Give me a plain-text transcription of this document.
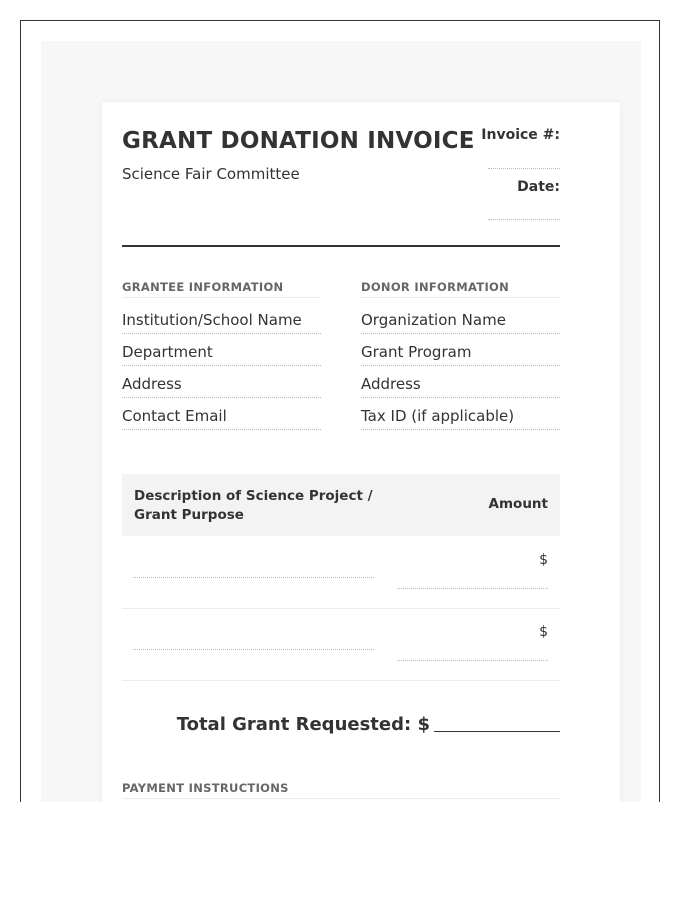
GRANT DONATION INVOICE
Science Fair Committee
Invoice #:
Date:
GRANTEE INFORMATION
Institution/School Name
Department
Address
Contact Email
DONOR INFORMATION
Organization Name
Grant Program
Address
Tax ID (if applicable)
Description of Science Project / Grant Purpose
Amount
$
$
Total Grant Requested: $
PAYMENT INSTRUCTIONS
